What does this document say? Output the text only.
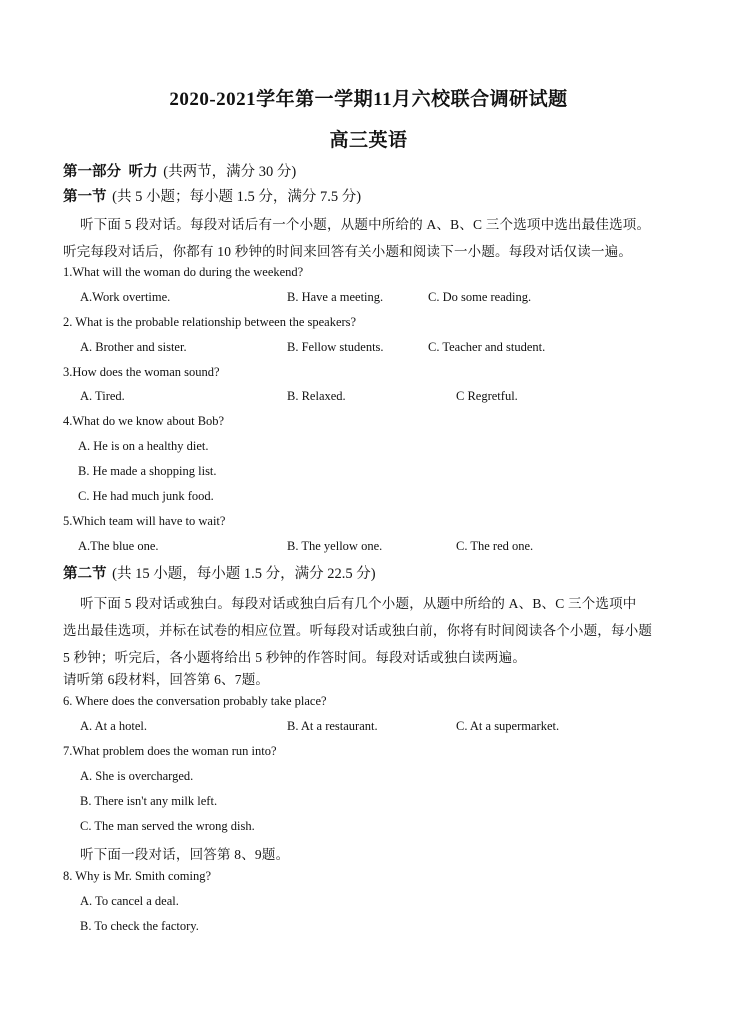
2020-2021学年第一学期11月六校联合调研试题
高三英语
第一部分 听力 (共两节，满分 30 分)
第一节 (共 5 小题；每小题 1.5 分，满分 7.5 分)
听下面 5 段对话。每段对话后有一个小题，从题中所给的 A、B、C 三个选项中选出最佳选项。
听完每段对话后，你都有 10 秒钟的时间来回答有关小题和阅读下一小题。每段对话仅读一遍。
1.What will the woman do during the weekend?
A.Work overtime.	B. Have a meeting.	C. Do some reading.
2. What is the probable relationship between the speakers?
A. Brother and sister.	B. Fellow students.	C. Teacher and student.
3.How does the woman sound?
A. Tired.	B. Relaxed.	C Regretful.
4.What do we know about Bob?
A. He is on a healthy diet.
B. He made a shopping list.
C. He had much junk food.
5.Which team will have to wait?
A.The blue one.	B. The yellow one.	C. The red one.
第二节 (共 15 小题，每小题 1.5 分，满分 22.5 分)
听下面 5 段对话或独白。每段对话或独白后有几个小题，从题中所给的 A、B、C 三个选项中
选出最佳选项，并标在试卷的相应位置。听每段对话或独白前，你将有时间阅读各个小题，每小题
5 秒钟；听完后，各小题将给出 5 秒钟的作答时间。每段对话或独白读两遍。
请听第 6段材料，回答第 6、7题。
6. Where does the conversation probably take place?
A. At a hotel.	B. At a restaurant.	C. At a supermarket.
7.What problem does the woman run into?
A. She is overcharged.
B. There isn't any milk left.
C. The man served the wrong dish.
听下面一段对话，回答第 8、9题。
8. Why is Mr. Smith coming?
A. To cancel a deal.
B. To check the factory.
